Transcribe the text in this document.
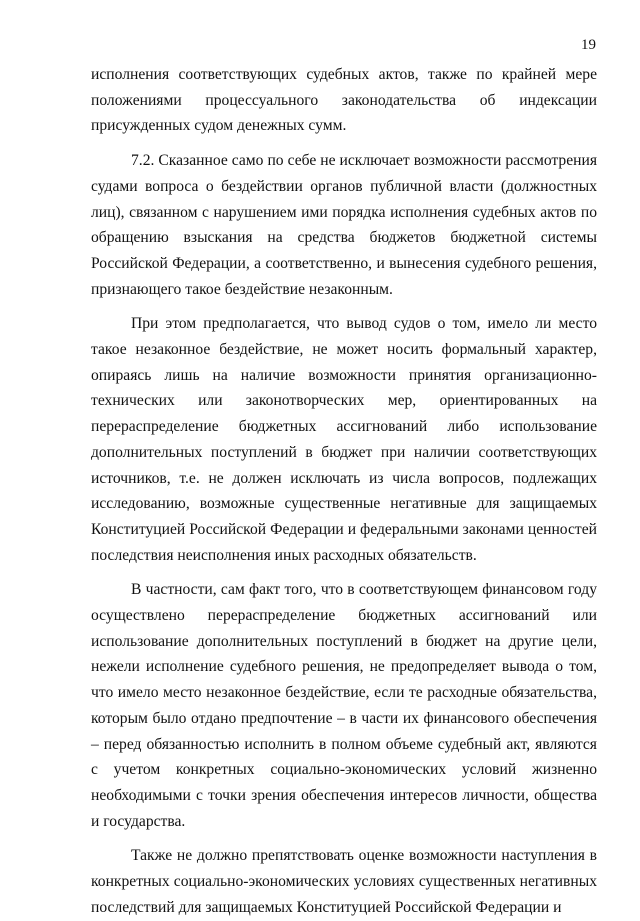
19

исполнения соответствующих судебных актов, также по крайней мере положениями процессуального законодательства об индексации присужденных судом денежных сумм.

7.2. Сказанное само по себе не исключает возможности рассмотрения судами вопроса о бездействии органов публичной власти (должностных лиц), связанном с нарушением ими порядка исполнения судебных актов по обращению взыскания на средства бюджетов бюджетной системы Российской Федерации, а соответственно, и вынесения судебного решения, признающего такое бездействие незаконным.

При этом предполагается, что вывод судов о том, имело ли место такое незаконное бездействие, не может носить формальный характер, опираясь лишь на наличие возможности принятия организационно-технических или законотворческих мер, ориентированных на перераспределение бюджетных ассигнований либо использование дополнительных поступлений в бюджет при наличии соответствующих источников, т.е. не должен исключать из числа вопросов, подлежащих исследованию, возможные существенные негативные для защищаемых Конституцией Российской Федерации и федеральными законами ценностей последствия неисполнения иных расходных обязательств.

В частности, сам факт того, что в соответствующем финансовом году осуществлено перераспределение бюджетных ассигнований или использование дополнительных поступлений в бюджет на другие цели, нежели исполнение судебного решения, не предопределяет вывода о том, что имело место незаконное бездействие, если те расходные обязательства, которым было отдано предпочтение – в части их финансового обеспечения – перед обязанностью исполнить в полном объеме судебный акт, являются с учетом конкретных социально-экономических условий жизненно необходимыми с точки зрения обеспечения интересов личности, общества и государства.

Также не должно препятствовать оценке возможности наступления в конкретных социально-экономических условиях существенных негативных последствий для защищаемых Конституцией Российской Федерации и
